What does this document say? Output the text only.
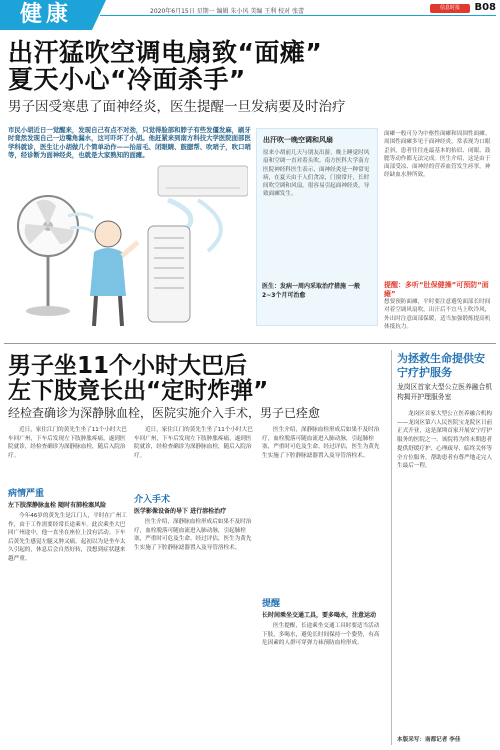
健康	2020年6月15日 星期一 编辑 朱小风 美编 王利 校对 张蕾	信息时报	B08
出汗猛吹空调电扇致“面瘫”
夏天小心“冷面杀手”
男子因受寒患了面神经炎，医生提醒一旦发病要及时治疗
市民小胡近日一觉醒来，发现自己有点不对劲，只觉得脸部和脖子有些发僵发麻，刷牙时竟然发现自己一边嘴角漏水，这可吓坏了小胡。他赶紧来到南方科技大学医院面部医学科就诊，医生让小胡做几个简单动作——抬眉毛、闭眼睛、鼓腮帮、吹哨子，吹口哨等，经诊断为面神经炎，也就是大家熟知的面瘫。
出汗吹一晚空调和风扇
原来小胡前几天与朋友出游，晚上睡觉时风扇和空调一直对着头吹。南方医科大学南方医院神经科医生表示，面神经炎是一种常见病，在夏天由于人们贪凉，门窗常开，长时间吹空调和风扇，很容易引起面神经炎，导致面瘫发生。
医生：发病一周内采取治疗措施 一般2~3个月可治愈
面瘫一般可分为中枢性面瘫和周围性面瘫。周围性面瘫多见于面神经炎，常表现为口眼歪斜，患者往往连最基本的抬眉、闭眼、鼓腮等动作都无法完成。医生介绍，这是由于面部受凉、面神经的营养血管发生痉挛，神经缺血水肿所致。
提醒：多听“肚保健操”可预防“面瘫”
想要预防面瘫，平时要注意避免面部长时间对着空调风扇吹，出汗后不宜马上吹冷风，外出时注意面部保暖，适当加强锻炼提高机体抵抗力。
男子坐11个小时大巴后
左下肢竟长出“定时炸弹”
经检查确诊为深静脉血栓，医院实施介入手术，男子已痊愈
近日，家住江门的黄先生坐了11个小时大巴车回广州，下车后发现左下肢肿胀疼痛，遂到医院就诊，经检查确诊为深静脉血栓，随后入院治疗。
病情严重
左下肢深静脉血栓 随时有肺栓塞风险
今年46岁的黄先生是江门人，平时在广州工作，由于工作需要经常长途乘车。此次乘坐大巴回广州途中，他一直坐在座位上没有活动。下车后黄先生感觉左腿又肿又痛，起初以为是坐车太久引起的，休息后会自然好转，没想到症状越来越严重。
近日，家住江门的黄先生坐了11个小时大巴车回广州，下车后发现左下肢肿胀疼痛，遂到医院就诊，经检查确诊为深静脉血栓，随后入院治疗。
介入手术
医学影像设备的导下 进行溶栓治疗
医生介绍，深静脉血栓形成后如果不及时治疗，血栓脱落可随血流进入肺动脉，引起肺栓塞，严重时可危及生命。经过评估，医生为黄先生实施了下腔静脉滤器置入及导管溶栓术。
医生介绍，深静脉血栓形成后如果不及时治疗，血栓脱落可随血流进入肺动脉，引起肺栓塞，严重时可危及生命。经过评估，医生为黄先生实施了下腔静脉滤器置入及导管溶栓术。
提醒
长时间乘坐交通工具，要多喝水，注意运动
医生提醒，长途乘坐交通工具时要适当活动下肢，多喝水，避免长时间保持一个姿势，有高危因素的人群可穿弹力袜预防血栓形成。
为拯救生命提供安宁疗护服务
龙岗区首家大型公立医养融合机构揭开护理服务室
龙岗区首家大型公立医养融合机构——龙岗区第六人民医院宝龙院区日前正式开业，这是深圳首家开展安宁疗护服务的医院之一。该院将为终末期患者提供舒缓疗护、心理疏导、临终关怀等全方位服务，帮助患者有尊严地走完人生最后一程。
本版采写：南都记者 李佳
